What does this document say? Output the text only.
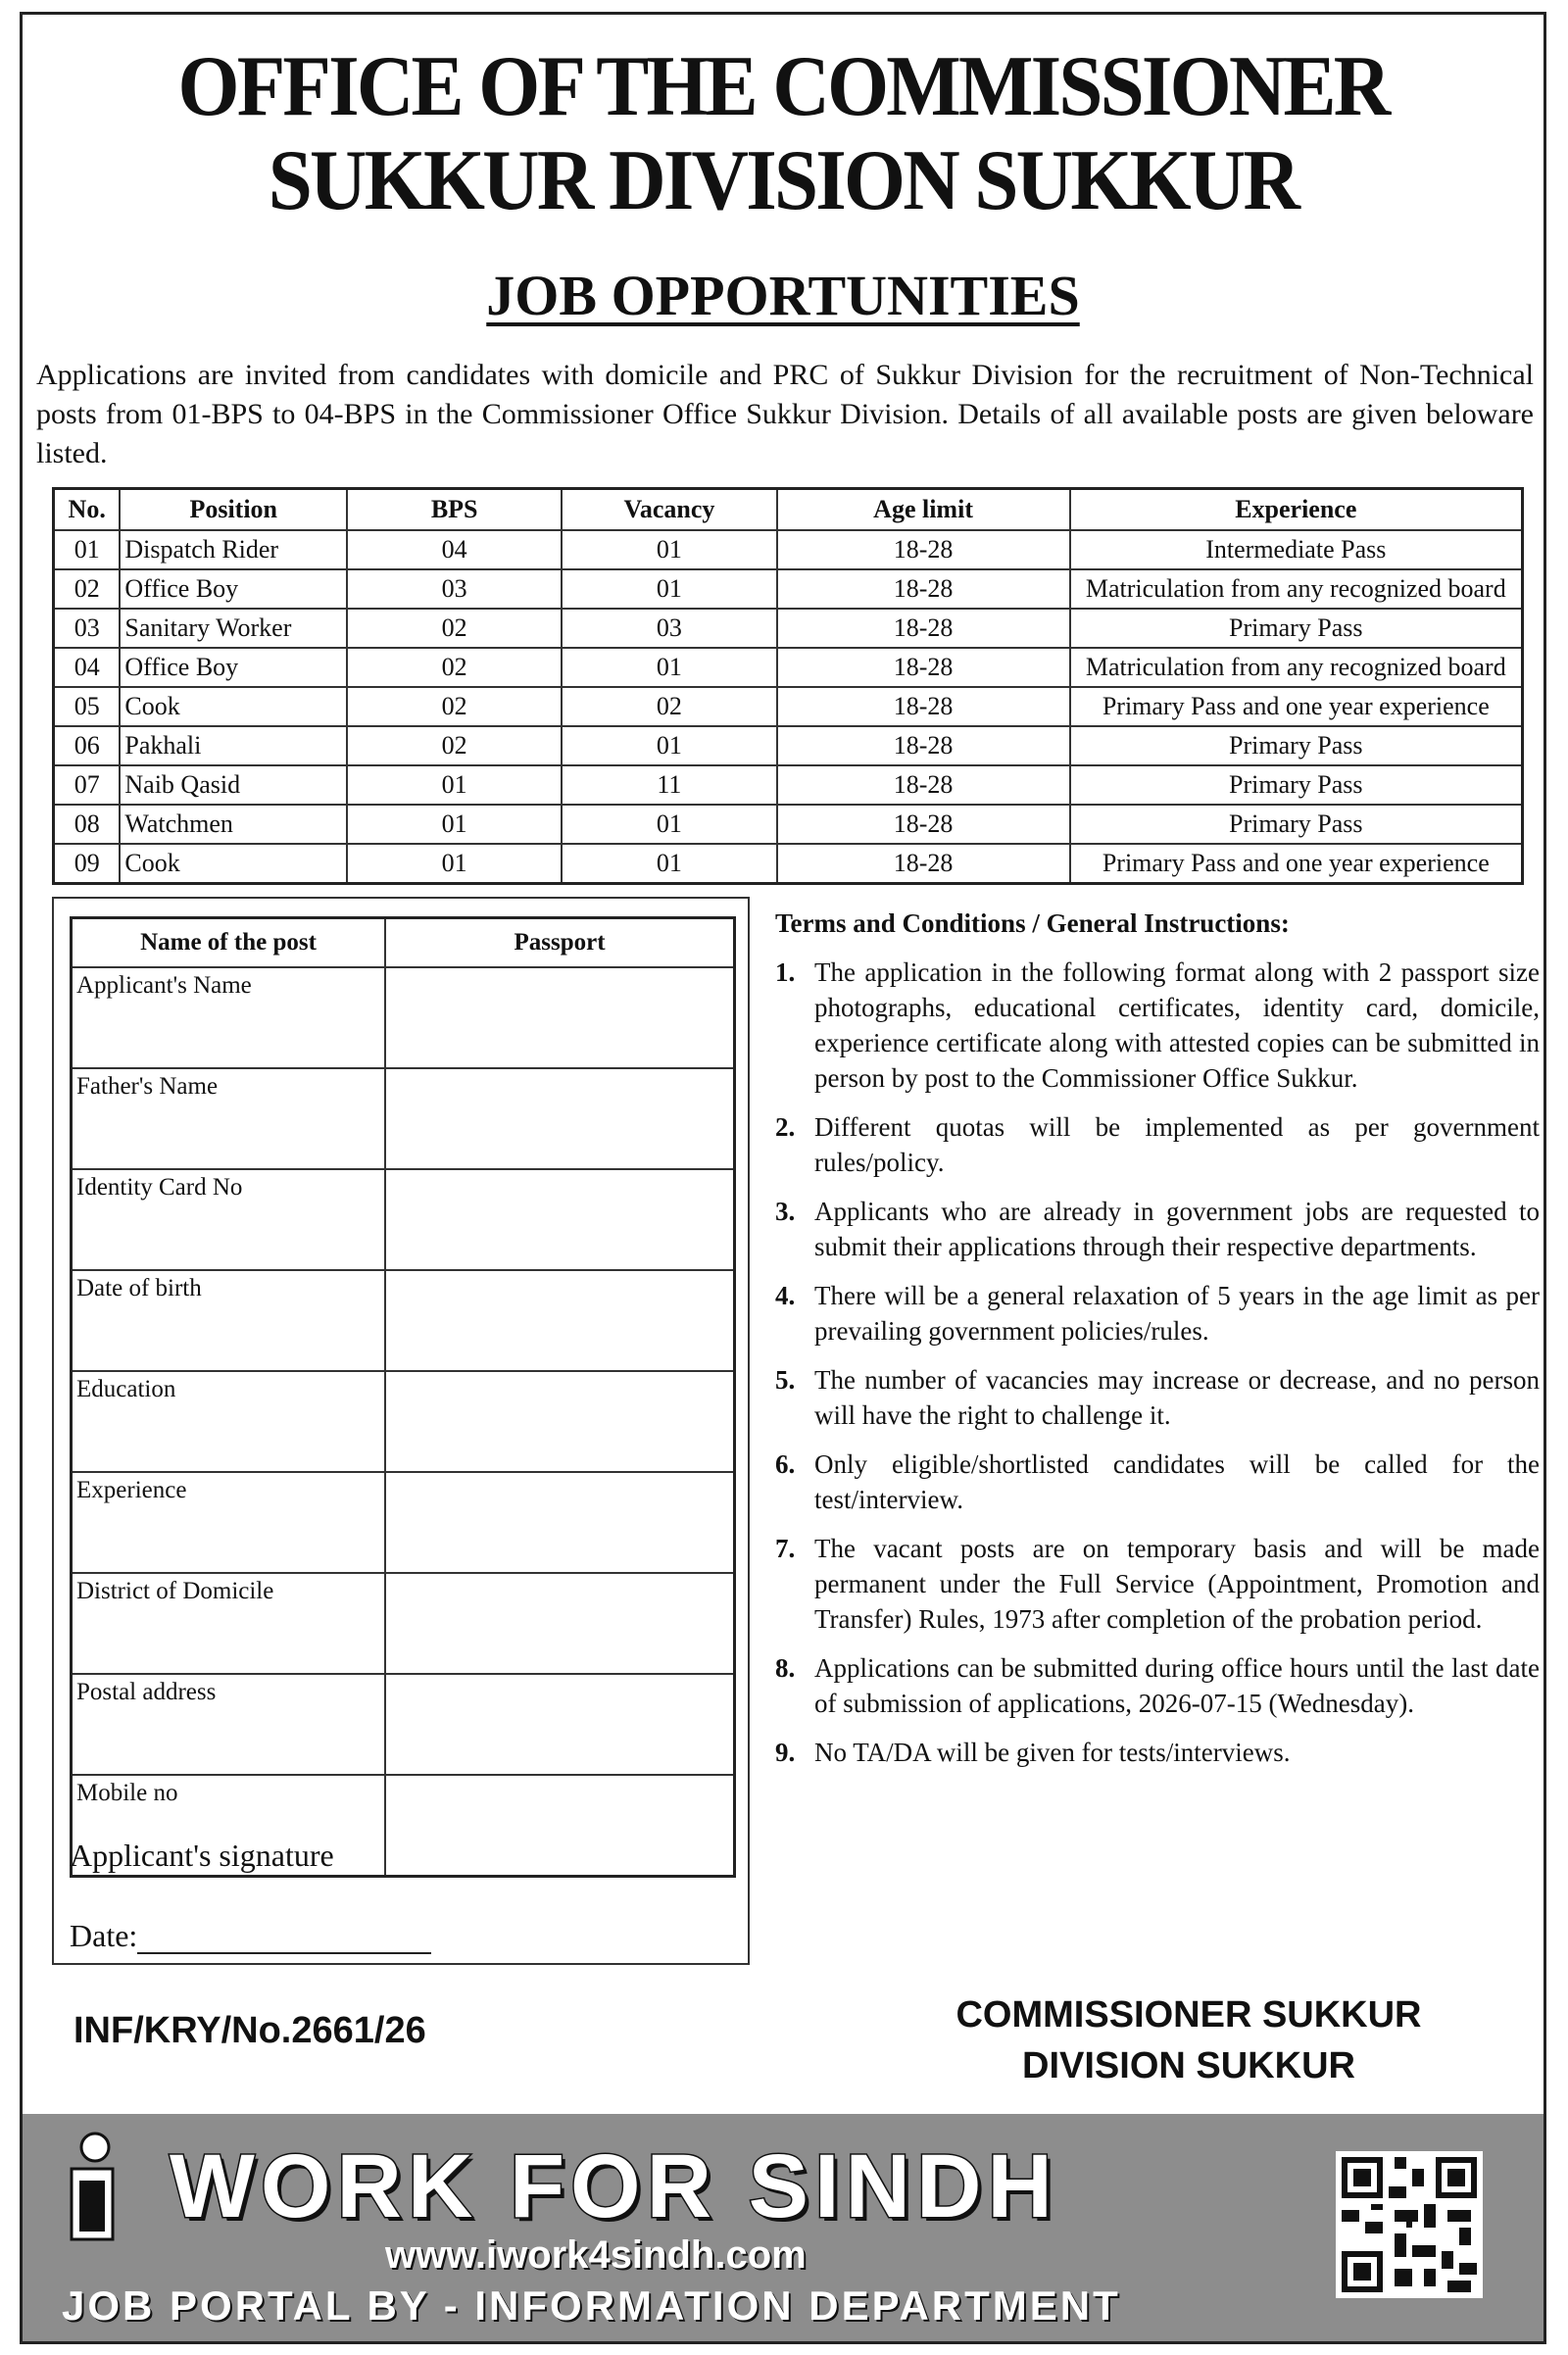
OFFICE OF THE COMMISSIONER
SUKKUR DIVISION SUKKUR
JOB OPPORTUNITIES
Applications are invited from candidates with domicile and PRC of Sukkur Division for the recruitment of Non-Technical posts from 01-BPS to 04-BPS in the Commissioner Office Sukkur Division. Details of all available posts are given beloware listed.
No.	Position	BPS	Vacancy	Age limit	Experience
01	Dispatch Rider	04	01	18-28	Intermediate Pass
02	Office Boy	03	01	18-28	Matriculation from any recognized board
03	Sanitary Worker	02	03	18-28	Primary Pass
04	Office Boy	02	01	18-28	Matriculation from any recognized board
05	Cook	02	02	18-28	Primary Pass and one year experience
06	Pakhali	02	01	18-28	Primary Pass
07	Naib Qasid	01	11	18-28	Primary Pass
08	Watchmen	01	01	18-28	Primary Pass
09	Cook	01	01	18-28	Primary Pass and one year experience
Name of the post	Passport
Applicant's Name	
Father's Name	
Identity Card No	
Date of birth	
Education	
Experience	
District of Domicile	
Postal address	
Mobile no	
Applicant's signature
Date:
Terms and Conditions / General Instructions:
1. The application in the following format along with 2 passport size photographs, educational certificates, identity card, domicile, experience certificate along with attested copies can be submitted in person by post to the Commissioner Office Sukkur.
2. Different quotas will be implemented as per government rules/policy.
3. Applicants who are already in government jobs are requested to submit their applications through their respective departments.
4. There will be a general relaxation of 5 years in the age limit as per prevailing government policies/rules.
5. The number of vacancies may increase or decrease, and no person will have the right to challenge it.
6. Only eligible/shortlisted candidates will be called for the test/interview.
7. The vacant posts are on temporary basis and will be made permanent under the Full Service (Appointment, Promotion and Transfer) Rules, 1973 after completion of the probation period.
8. Applications can be submitted during office hours until the last date of submission of applications, 2026-07-15 (Wednesday).
9. No TA/DA will be given for tests/interviews.
INF/KRY/No.2661/26	COMMISSIONER SUKKUR
DIVISION SUKKUR
WORK FOR SINDH
www.iwork4sindh.com
JOB PORTAL BY - INFORMATION DEPARTMENT
